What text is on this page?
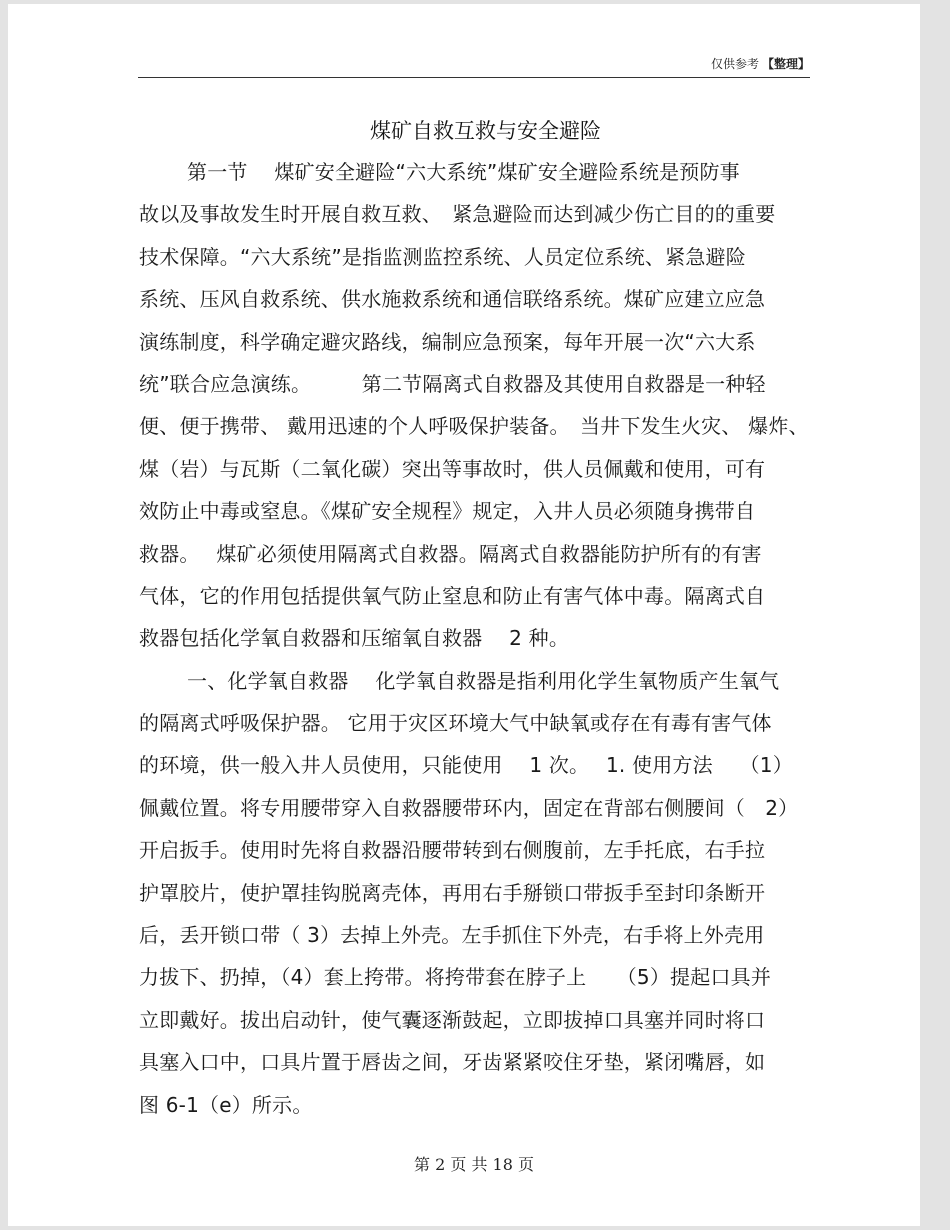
仅供参考 【整理】
煤矿自救互救与安全避险
第一节　 煤矿安全避险“六大系统”煤矿安全避险系统是预防事
故以及事故发生时开展自救互救、　紧急避险而达到减少伤亡目的的重要
技术保障。“六大系统”是指监测监控系统、人员定位系统、紧急避险
系统、压风自救系统、供水施救系统和通信联络系统。煤矿应建立应急
演练制度，科学确定避灾路线，编制应急预案，每年开展一次“六大系
统”联合应急演练。　　　第二节隔离式自救器及其使用自救器是一种轻
便、便于携带、 戴用迅速的个人呼吸保护装备。　当井下发生火灾、 爆炸、
煤（岩）与瓦斯（二氧化碳）突出等事故时，供人员佩戴和使用，可有
效防止中毒或窒息。《煤矿安全规程》规定，入井人员必须随身携带自
救器。　 煤矿必须使用隔离式自救器。隔离式自救器能防护所有的有害
气体，它的作用包括提供氧气防止窒息和防止有害气体中毒。隔离式自
救器包括化学氧自救器和压缩氧自救器　 2 种。
一、化学氧自救器　 化学氧自救器是指利用化学生氧物质产生氧气
的隔离式呼吸保护器。 它用于灾区环境大气中缺氧或存在有毒有害气体
的环境，供一般入井人员使用，只能使用　 1 次。　 1. 使用方法　 （1）
佩戴位置。将专用腰带穿入自救器腰带环内，固定在背部右侧腰间（　2）
开启扳手。使用时先将自救器沿腰带转到右侧腹前，左手托底，右手拉
护罩胶片，使护罩挂钩脱离壳体，再用右手掰锁口带扳手至封印条断开
后，丢开锁口带（ 3）去掉上外壳。左手抓住下外壳，右手将上外壳用
力拔下、扔掉，（4）套上挎带。将挎带套在脖子上　　（5）提起口具并
立即戴好。拔出启动针，使气囊逐渐鼓起，立即拔掉口具塞并同时将口
具塞入口中，口具片置于唇齿之间，牙齿紧紧咬住牙垫，紧闭嘴唇，如
图 6-1（e）所示。
第 2 页 共 18 页
